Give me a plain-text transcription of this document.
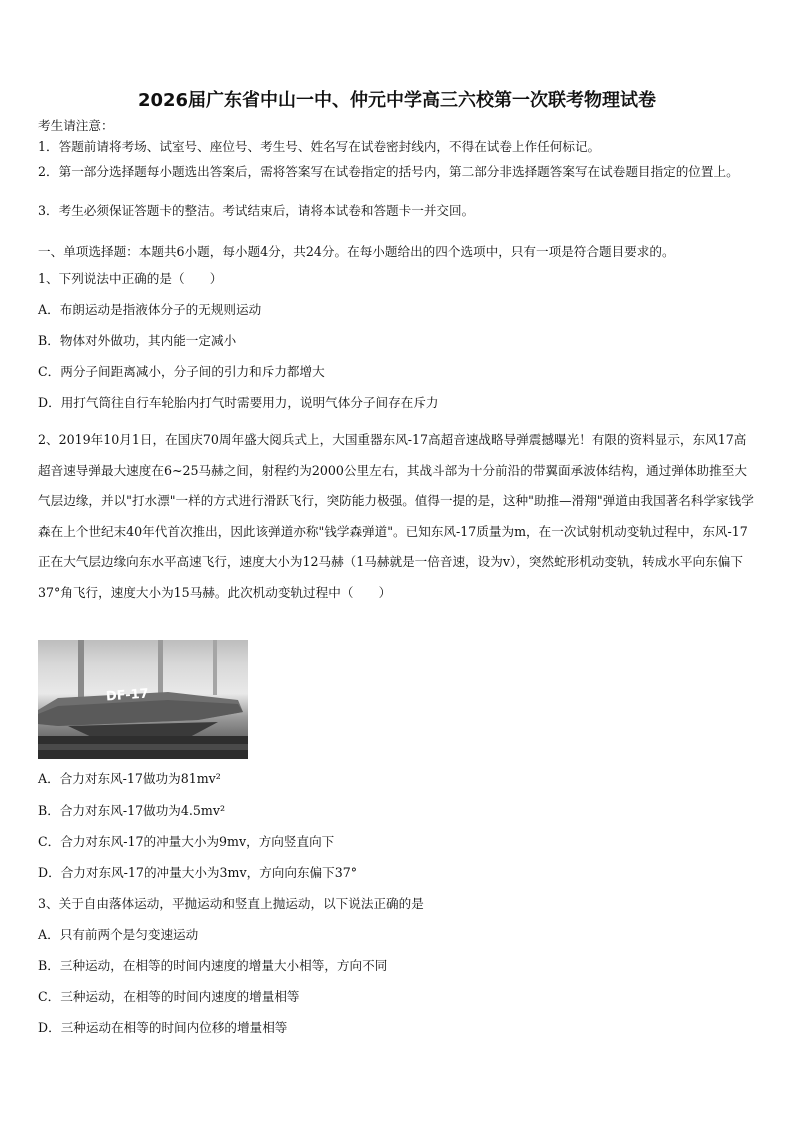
2026届广东省中山一中、仲元中学高三六校第一次联考物理试卷
考生请注意：
1．答题前请将考场、试室号、座位号、考生号、姓名写在试卷密封线内，不得在试卷上作任何标记。
2．第一部分选择题每小题选出答案后，需将答案写在试卷指定的括号内，第二部分非选择题答案写在试卷题目指定的位置上。
3．考生必须保证答题卡的整洁。考试结束后，请将本试卷和答题卡一并交回。
一、单项选择题：本题共6小题，每小题4分，共24分。在每小题给出的四个选项中，只有一项是符合题目要求的。
1、下列说法中正确的是（　　）
A．布朗运动是指液体分子的无规则运动
B．物体对外做功，其内能一定减小
C．两分子间距离减小，分子间的引力和斥力都增大
D．用打气筒往自行车轮胎内打气时需要用力，说明气体分子间存在斥力
2、2019年10月1日，在国庆70周年盛大阅兵式上，大国重器东风-17高超音速战略导弹震撼曝光！有限的资料显示，东风17高超音速导弹最大速度在6~25马赫之间，射程约为2000公里左右，其战斗部为十分前沿的带翼面承波体结构，通过弹体助推至大气层边缘，并以"打水漂"一样的方式进行滑跃飞行，突防能力极强。值得一提的是，这种"助推—滑翔"弹道由我国著名科学家钱学森在上个世纪末40年代首次推出，因此该弹道亦称"钱学森弹道"。已知东风-17质量为m，在一次试射机动变轨过程中，东风-17正在大气层边缘向东水平高速飞行，速度大小为12马赫（1马赫就是一倍音速，设为v），突然蛇形机动变轨，转成水平向东偏下37°角飞行，速度大小为15马赫。此次机动变轨过程中（　　）
DF-17
A．合力对东风-17做功为81mv²
B．合力对东风-17做功为4.5mv²
C．合力对东风-17的冲量大小为9mv，方向竖直向下
D．合力对东风-17的冲量大小为3mv，方向向东偏下37°
3、关于自由落体运动，平抛运动和竖直上抛运动，以下说法正确的是
A．只有前两个是匀变速运动
B．三种运动，在相等的时间内速度的增量大小相等，方向不同
C．三种运动，在相等的时间内速度的增量相等
D．三种运动在相等的时间内位移的增量相等
